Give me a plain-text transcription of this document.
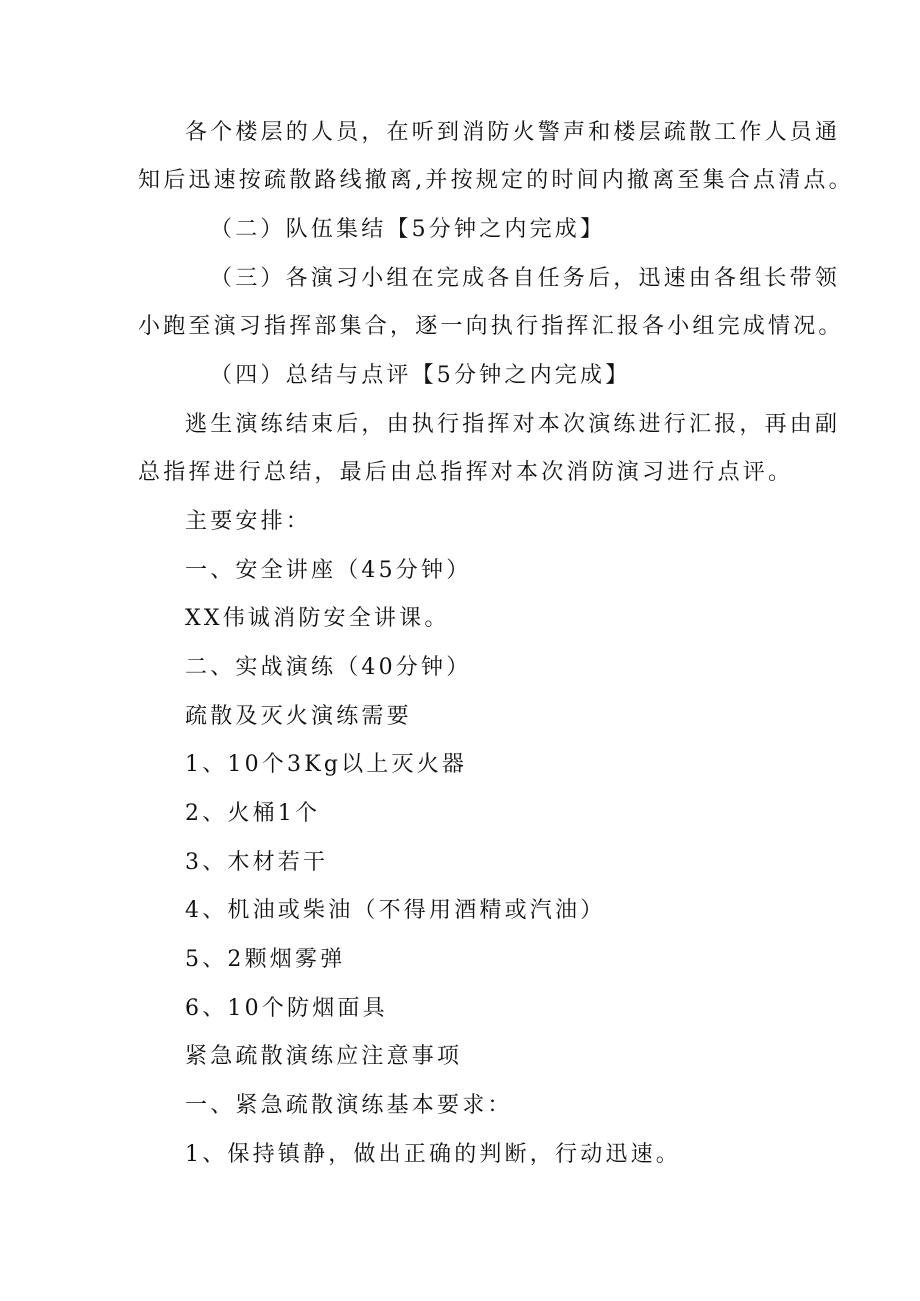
各个楼层的人员，在听到消防火警声和楼层疏散工作人员通
知后迅速按疏散路线撤离,并按规定的时间内撤离至集合点清点。
（二）队伍集结【5分钟之内完成】
（三）各演习小组在完成各自任务后，迅速由各组长带领
小跑至演习指挥部集合，逐一向执行指挥汇报各小组完成情况。
（四）总结与点评【5分钟之内完成】
逃生演练结束后，由执行指挥对本次演练进行汇报，再由副
总指挥进行总结，最后由总指挥对本次消防演习进行点评。
主要安排：
一、安全讲座（45分钟）
XX伟诚消防安全讲课。
二、实战演练（40分钟）
疏散及灭火演练需要
1、10个3Kg以上灭火器
2、火桶1个
3、木材若干
4、机油或柴油（不得用酒精或汽油）
5、2颗烟雾弹
6、10个防烟面具
紧急疏散演练应注意事项
一、紧急疏散演练基本要求：
1、保持镇静，做出正确的判断，行动迅速。
